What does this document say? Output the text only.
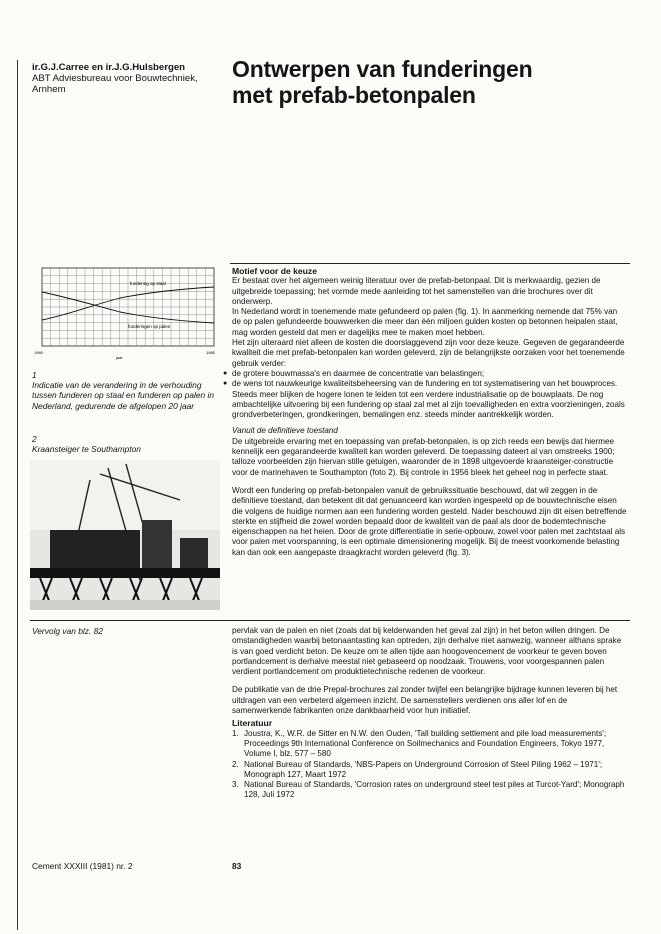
ir.G.J.Carree en ir.J.G.Hulsbergen
ABT Adviesbureau voor Bouwtechniek,
Arnhem
Ontwerpen van funderingen
met prefab-betonpalen
fundering op staal
funderingen op palen
1960	1980
jaar
1
Indicatie van de verandering in de verhouding tussen funderen op staal en funderen op palen in Nederland, gedurende de afgelopen 20 jaar
2
Kraansteiger te Southampton

Motief voor de keuze

Er bestaat over het algemeen weinig literatuur over de prefab-betonpaal. Dit is merkwaardig, gezien de uitgebreide toepassing; het vormde mede aanleiding tot het samenstellen van drie brochures over dit onderwerp.

In Nederland wordt in toenemende mate gefundeerd op palen (fig. 1). In aanmerking nemende dat 75% van de op palen gefundeerde bouwwerken die meer dan één miljoen gulden kosten op betonnen heipalen staat, mag worden gesteld dat men er dagelijks mee te maken moet hebben.

Het zijn uiteraard niet alleen de kosten die doorslaggevend zijn voor deze keuze. Gegeven de gegarandeerde kwaliteit die met prefab-betonpalen kan worden geleverd, zijn de belangrijkste oorzaken voor het toenemende gebruik verder:

● de grotere bouwmassa's en daarmee de concentratie van belastingen;

● de wens tot nauwkeurige kwaliteitsbeheersing van de fundering en tot systematisering van het bouwproces.

Steeds meer blijken de hogere lonen te leiden tot een verdere industrialisatie op de bouwplaats. De nog ambachtelijke uitvoering bij een fundering op staal zal met al zijn toevalligheden en extra voorzieningen, zoals grondverbeteringen, grondkeringen, bemalingen enz. steeds minder aantrekkelijk worden.

Vanuit de definitieve toestand

De uitgebreide ervaring met en toepassing van prefab-betonpalen, is op zich reeds een bewijs dat hiermee kennelijk een gegarandeerde kwaliteit kan worden geleverd. De toepassing dateert al van omstreeks 1900; talloze voorbeelden zijn hiervan stille getuigen, waaronder de in 1898 uitgevoerde kraansteiger-constructie voor de marinehaven te Southampton (foto 2). Bij controle in 1956 bleek het geheel nog in perfecte staat.

Wordt een fundering op prefab-betonpalen vanuit de gebruikssituatie beschouwd, dat wil zeggen in de definitieve toestand, dan betekent dit dat genuanceerd kan worden ingespeeld op de bouwtechnische eisen die volgens de huidige normen aan een fundering worden gesteld. Nader beschouwd zijn dit eisen betreffende sterkte en stijfheid die zowel worden bepaald door de kwaliteit van de paal als door de bodemtechnische eigenschappen na het heien. Door de grote differentiatie in serie-opbouw, zowel voor palen met zachtstaal als voor palen met voorspanning, is een optimale dimensionering mogelijk. Bij de meest voorkomende belasting kan dan ook een aangepaste draagkracht worden geleverd (fig. 3).

Vervolg van blz. 82	pervlak van de palen en niet (zoals dat bij kelderwanden het geval zal zijn) in het beton willen dringen. De omstandigheden waarbij betonaantasting kan optreden, zijn derhalve niet aanwezig, wanneer althans sprake is van goed verdicht beton. De keuze om te allen tijde aan hoogovencement de voorkeur te geven boven portlandcement is derhalve meestal niet gebaseerd op noodzaak. Trouwens, voor voorgespannen palen verdient portlandcement om produktietechnische redenen de voorkeur.

De publikatie van de drie Prepal-brochures zal zonder twijfel een belangrijke bijdrage kunnen leveren bij het uitdragen van een verbeterd algemeen inzicht. De samenstellers verdienen ons aller lof en de samenwerkende fabrikanten onze dankbaarheid voor hun initiatief.

Literatuur

1. Joustra, K., W.R. de Sitter en N.W. den Ouden, 'Tall building settlement and pile load measurements'; Proceedings 9th International Conference on Soilmechanics and Foundation Engineers, Tokyo 1977, Volume I, blz. 577 – 580
2. National Bureau of Standards, 'NBS-Papers on Underground Corrosion of Steel Piling 1962 – 1971'; Monograph 127, Maart 1972
3. National Bureau of Standards, 'Corrosion rates on underground steel test piles at Turcot-Yard'; Monograph 128, Juli 1972
Cement XXXIII (1981) nr. 2	83
